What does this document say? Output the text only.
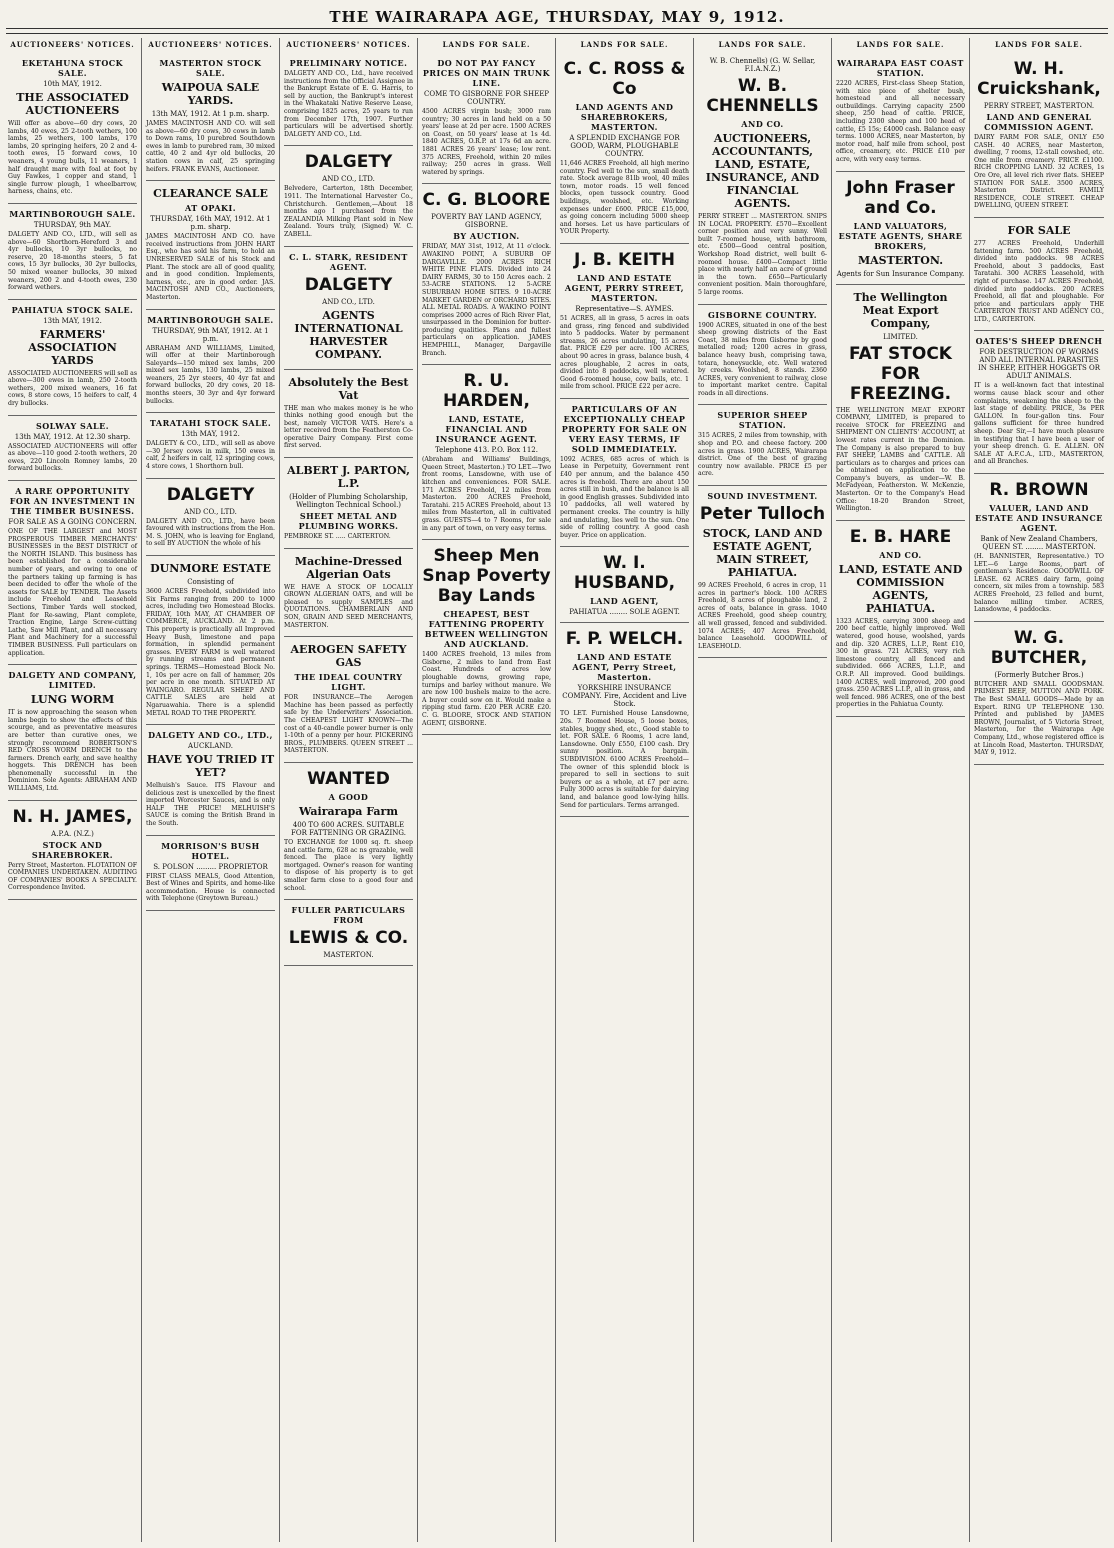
THE WAIRARAPA AGE, THURSDAY, MAY 9, 1912.
AUCTIONEERS' NOTICES.
EKETAHUNA STOCK SALE.
10th MAY, 1912.
THE ASSOCIATED AUCTIONEERS

Will offer as above—60 dry cows, 20 lambs, 40 ewes, 25 2-tooth wethers, 100 lambs, 25 wethers, 100 lambs, 170 lambs, 20 springing heifers, 20 2 and 4-tooth ewes, 15 forward cows, 10 weaners, 4 young bulls, 11 weaners, 1 half draught mare with foal at foot by Guy Fawkes, 1 copper and stand, 1 single furrow plough, 1 wheelbarrow, harness, chains, etc.

MARTINBOROUGH SALE.
THURSDAY, 9th MAY.

DALGETY AND CO., LTD., will sell as above—60 Shorthorn-Hereford 3 and 4yr bullocks, 10 3yr bullocks, no reserve, 20 18-months steers, 5 fat cows, 15 3yr bullocks, 30 2yr bullocks, 50 mixed weaner bullocks, 30 mixed weaners, 200 2 and 4-tooth ewes, 230 forward wethers.

PAHIATUA STOCK SALE.
13th MAY, 1912.
FARMERS' ASSOCIATION YARDS

ASSOCIATED AUCTIONEERS will sell as above—300 ewes in lamb, 250 2-tooth wethers, 200 mixed weaners, 16 fat cows, 8 store cows, 15 heifers to calf, 4 dry bullocks.

SOLWAY SALE.
13th MAY, 1912. At 12.30 sharp.

ASSOCIATED AUCTIONEERS will offer as above—110 good 2-tooth wethers, 20 ewes, 220 Lincoln Romney lambs, 20 forward bullocks.

A RARE OPPORTUNITY FOR AN INVESTMENT IN THE TIMBER BUSINESS.
FOR SALE AS A GOING CONCERN.

ONE OF THE LARGEST and MOST PROSPEROUS TIMBER MERCHANTS' BUSINESSES in the BEST DISTRICT of the NORTH ISLAND. This business has been established for a considerable number of years, and owing to one of the partners taking up farming is has been decided to offer the whole of the assets for SALE by TENDER. The Assets include Freehold and Leasehold Sections, Timber Yards well stocked, Plant for Re-sawing, Plant complete, Traction Engine, Large Screw-cutting Lathe, Saw Mill Plant, and all necessary Plant and Machinery for a successful TIMBER BUSINESS. Full particulars on application.

DALGETY AND COMPANY, LIMITED.
LUNG WORM

IT is now approaching the season when lambs begin to show the effects of this scourge, and as preventative measures are better than curative ones, we strongly recommend ROBERTSON'S RED CROSS WORM DRENCH to the farmers. Drench early, and save healthy hoggets. This DRENCH has been phenomenally successful in the Dominion. Sole Agents: ABRAHAM AND WILLIAMS, Ltd.

N. H. JAMES,
A.P.A. (N.Z.)
STOCK AND SHAREBROKER.

Perry Street, Masterton. FLOTATION OF COMPANIES UNDERTAKEN. AUDITING OF COMPANIES' BOOKS A SPECIALTY. Correspondence Invited.

AUCTIONEERS' NOTICES.
MASTERTON STOCK SALE.
WAIPOUA SALE YARDS.
13th MAY, 1912. At 1 p.m. sharp.

JAMES MACINTOSH AND CO. will sell as above—60 dry cows, 30 cows in lamb to Down rams, 10 purebred Southdown ewes in lamb to purebred ram, 30 mixed cattle, 40 2 and 4yr old bullocks, 20 station cows in calf, 25 springing heifers. FRANK EVANS, Auctioneer.

CLEARANCE SALE
AT OPAKI.
THURSDAY, 16th MAY, 1912. At 1 p.m. sharp.

JAMES MACINTOSH AND CO. have received instructions from JOHN HART Esq., who has sold his farm, to hold an UNRESERVED SALE of his Stock and Plant. The stock are all of good quality, and in good condition. Implements, harness, etc., are in good order. JAS. MACINTOSH AND CO., Auctioneers, Masterton.

MARTINBOROUGH SALE.
THURSDAY, 9th MAY, 1912. At 1 p.m.

ABRAHAM AND WILLIAMS, Limited, will offer at their Martinborough Saleyards—150 mixed sex lambs, 200 mixed sex lambs, 130 lambs, 25 mixed weaners, 25 2yr steers, 40 4yr fat and forward bullocks, 20 dry cows, 20 18-months steers, 30 3yr and 4yr forward bullocks.

TARATAHI STOCK SALE.
13th MAY, 1912.

DALGETY & CO., LTD., will sell as above—30 Jersey cows in milk, 150 ewes in calf, 2 heifers in calf, 12 springing cows, 4 store cows, 1 Shorthorn bull.

DALGETY
AND CO., LTD.

DALGETY AND CO., LTD., have been favoured with instructions from the Hon. M. S. JOHN, who is leaving for England, to sell BY AUCTION the whole of his

DUNMORE ESTATE
Consisting of

3600 ACRES Freehold, subdivided into Six Farms ranging from 200 to 1000 acres, including two Homestead Blocks. FRIDAY, 10th MAY, AT CHAMBER OF COMMERCE, AUCKLAND. At 2 p.m. This property is practically all Improved Heavy Bush, limestone and papa formation, in splendid permanent grasses. EVERY FARM is well watered by running streams and permanent springs. TERMS—Homestead Block No. 1, 10s per acre on fall of hammer, 20s per acre in one month. SITUATED AT WAINGARO. REGULAR SHEEP AND CATTLE SALES are held at Ngaruawahia. There is a splendid METAL ROAD TO THE PROPERTY.

DALGETY AND CO., LTD.,
AUCKLAND.
HAVE YOU TRIED IT YET?

Melhuish's Sauce. ITS Flavour and delicious zest is unexcelled by the finest imported Worcester Sauces, and is only HALF THE PRICE! MELHUISH'S SAUCE is coming the British Brand in the South.

MORRISON'S BUSH HOTEL.
S. POLSON ......... PROPRIETOR

FIRST CLASS MEALS, Good Attention, Best of Wines and Spirits, and home-like accommodation. House is connected with Telephone (Greytown Bureau.)

AUCTIONEERS' NOTICES.
PRELIMINARY NOTICE.

DALGETY AND CO., Ltd., have received instructions from the Official Assignee in the Bankrupt Estate of E. G. Harris, to sell by auction, the Bankrupt's interest in the Whakataki Native Reserve Lease, comprising 1825 acres, 25 years to run from December 17th, 1907. Further particulars will be advertised shortly. DALGETY AND CO., Ltd.

DALGETY
AND CO., LTD.

Belvedere, Carterton, 18th December, 1911. The International Harvester Co., Christchurch. Gentlemen,—About 18 months ago I purchased from the ZEALANDIA Milking Plant sold in New Zealand. Yours truly, (Signed) W. C. ZABELL.

C. L. STARK, RESIDENT AGENT.
DALGETY
AND CO., LTD.
AGENTS INTERNATIONAL HARVESTER COMPANY.
Absolutely the Best Vat

THE man who makes money is he who thinks nothing good enough but the best, namely VICTOR VATS. Here's a letter received from the Featherston Co-operative Dairy Company. First come first served.

ALBERT J. PARTON, L.P.
(Holder of Plumbing Scholarship, Wellington Technical School.)
SHEET METAL AND PLUMBING WORKS.

PEMBROKE ST. ..... CARTERTON.

Machine-Dressed Algerian Oats

WE HAVE A STOCK OF LOCALLY GROWN ALGERIAN OATS, and will be pleased to supply SAMPLES and QUOTATIONS. CHAMBERLAIN AND SON, GRAIN AND SEED MERCHANTS, MASTERTON.

AEROGEN SAFETY GAS
THE IDEAL COUNTRY LIGHT.

FOR INSURANCE—The Aerogen Machine has been passed as perfectly safe by the Underwriters' Association. The CHEAPEST LIGHT KNOWN—The cost of a 40-candle power burner is only 1-10th of a penny per hour. PICKERING BROS., PLUMBERS. QUEEN STREET ... MASTERTON.

WANTED
A GOOD
Wairarapa Farm
400 TO 600 ACRES. SUITABLE FOR FATTENING OR GRAZING.

TO EXCHANGE for 1000 sq. ft. sheep and cattle farm, 628 ac ns grazable, well fenced. The place is very lightly mortgaged. Owner's reason for wanting to dispose of his property is to get smaller farm close to a good four and school.

FULLER PARTICULARS FROM
LEWIS & CO.
MASTERTON.
LANDS FOR SALE.
DO NOT PAY FANCY PRICES ON MAIN TRUNK LINE.
COME TO GISBORNE FOR SHEEP COUNTRY.

4500 ACRES virgin bush; 3000 ram country; 30 acres in land held on a 50 years' lease at 2d per acre. 1500 ACRES on Coast, on 50 years' lease at 1s 4d. 1840 ACRES, O.R.P. at 17s 6d an acre. 1881 ACRES 26 years' lease; low rent. 375 ACRES, Freehold, within 20 miles railway; 250 acres in grass. Well watered by springs.

C. G. BLOORE
POVERTY BAY LAND AGENCY, GISBORNE.
BY AUCTION.

FRIDAY, MAY 31st, 1912, At 11 o'clock. AWAKINO POINT, A SUBURB OF DARGAVILLE. 2000 ACRES RICH WHITE PINE FLATS. Divided into 24 DAIRY FARMS, 30 to 150 Acres each. 2 53-ACRE STATIONS. 12 5-ACRE SUBURBAN HOME SITES. 9 10-ACRE MARKET GARDEN or ORCHARD SITES. ALL METAL ROADS. A WAKINO POINT comprises 2000 acres of Rich River Flat, unsurpassed in the Dominion for butter-producing qualities. Plans and fullest particulars on application. JAMES HEMPHILL, Manager, Dargaville Branch.

R. U. HARDEN,
LAND, ESTATE, FINANCIAL AND INSURANCE AGENT.
Telephone 413. P.O. Box 112.

(Abraham and Williams' Buildings, Queen Street, Masterton.) TO LET.—Two front rooms, Lansdowne, with use of kitchen and conveniences. FOR SALE. 171 ACRES Freehold, 12 miles from Masterton. 200 ACRES Freehold, Taratahi. 215 ACRES Freehold, about 13 miles from Masterton, all in cultivated grass. GUESTS—4 to 7 Rooms, for sale in any part of town, on very easy terms.

Sheep Men Snap Poverty Bay Lands
CHEAPEST, BEST FATTENING PROPERTY BETWEEN WELLINGTON AND AUCKLAND.

1400 ACRES freehold, 13 miles from Gisborne, 2 miles to land from East Coast. Hundreds of acres low ploughable downs, growing rape, turnips and barley without manure. We are now 100 bushels maize to the acre. A buyer could sow on it. Would make a ripping stud farm. £20 PER ACRE £20. C. G. BLOORE, STOCK AND STATION AGENT, GISBORNE.

LANDS FOR SALE.
C. C. ROSS & Co
LAND AGENTS AND SHAREBROKERS, MASTERTON.
A SPLENDID EXCHANGE FOR GOOD, WARM, PLOUGHABLE COUNTRY.

11,646 ACRES Freehold, all high merino country. Fed well to the sun, small death rate. Stock average 81lb wool, 40 miles town, motor roads. 15 well fenced blocks, open tussock country. Good buildings, woolshed, etc. Working expenses under £600. PRICE £15,000, as going concern including 5000 sheep and horses. Let us have particulars of YOUR Property.

J. B. KEITH
LAND AND ESTATE AGENT, PERRY STREET, MASTERTON.
Representative—S. AYMES.

51 ACRES, all in grass, 5 acres in oats and grass, ring fenced and subdivided into 5 paddocks. Water by permanent streams, 26 acres undulating, 15 acres flat. PRICE £29 per acre. 100 ACRES, about 90 acres in grass, balance bush, 4 acres ploughable, 2 acres in oats, divided into 8 paddocks, well watered. Good 6-roomed house, cow bails, etc. 1 mile from school. PRICE £22 per acre.

PARTICULARS OF AN EXCEPTIONALLY CHEAP PROPERTY FOR SALE ON VERY EASY TERMS, IF SOLD IMMEDIATELY.

1092 ACRES, 685 acres of which is Lease in Perpetuity, Government rent £40 per annum, and the balance 450 acres is freehold. There are about 150 acres still in bush, and the balance is all in good English grasses. Subdivided into 10 paddocks, all well watered by permanent creeks. The country is hilly and undulating, lies well to the sun. One side of rolling country. A good cash buyer. Price on application.

W. I. HUSBAND,
LAND AGENT,
PAHIATUA ........ SOLE AGENT.
F. P. WELCH.
LAND AND ESTATE AGENT, Perry Street, Masterton.
YORKSHIRE INSURANCE COMPANY. Fire, Accident and Live Stock.

TO LET. Furnished House Lansdowne, 20s. 7 Roomed House, 5 loose boxes, stables, buggy shed, etc., Good stable to let. FOR SALE. 6 Rooms, 1 acre land, Lansdowne. Only £550, £100 cash. Dry sunny position. A bargain. SUBDIVISION. 6100 ACRES Freehold—The owner of this splendid block is prepared to sell in sections to suit buyers or as a whole, at £7 per acre. Fully 3000 acres is suitable for dairying land, and balance good low-lying hills. Send for particulars. Terms arranged.

LANDS FOR SALE.
W. B. Chennells) (G. W. Sellar, F.I.A.N.Z.)
W. B. CHENNELLS
AND CO.
AUCTIONEERS, ACCOUNTANTS, LAND, ESTATE, INSURANCE, AND FINANCIAL AGENTS.

PERRY STREET ... MASTERTON. SNIPS IN LOCAL PROPERTY. £570—Excellent corner position and very sunny. Well built 7-roomed house, with bathroom, etc. £500—Good central position, Workshop Road district, well built 6-roomed house. £400—Compact little place with nearly half an acre of ground in the town. £650—Particularly convenient position. Main thoroughfare, 5 large rooms.

GISBORNE COUNTRY.

1900 ACRES, situated in one of the best sheep growing districts of the East Coast, 38 miles from Gisborne by good metalled road; 1200 acres in grass, balance heavy bush, comprising tawa, totara, honeysuckle, etc. Well watered by creeks. Woolshed, 8 stands. 2360 ACRES, very convenient to railway, close to important market centre. Capital roads in all directions.

SUPERIOR SHEEP STATION.

315 ACRES, 2 miles from township, with shop and P.O. and cheese factory. 200 acres in grass. 1900 ACRES, Wairarapa district. One of the best of grazing country now available. PRICE £5 per acre.

SOUND INVESTMENT.
Peter Tulloch
STOCK, LAND AND ESTATE AGENT, MAIN STREET, PAHIATUA.

99 ACRES Freehold, 6 acres in crop, 11 acres in partner's block. 100 ACRES Freehold, 8 acres of ploughable land, 2 acres of oats, balance in grass. 1040 ACRES Freehold, good sheep country, all well grassed, fenced and subdivided. 1074 ACRES; 407 Acres Freehold, balance Leasehold. GOODWILL of LEASEHOLD.

LANDS FOR SALE.
WAIRARAPA EAST COAST STATION.

2220 ACRES, First-class Sheep Station, with nice piece of shelter bush, homestead and all necessary outbuildings. Carrying capacity 2500 sheep, 250 head of cattle. PRICE, including 2300 sheep and 100 head of cattle, £5 15s; £4000 cash. Balance easy terms. 1000 ACRES, near Masterton, by motor road, half mile from school, post office, creamery, etc. PRICE £10 per acre, with very easy terms.

John Fraser and Co.
LAND VALUATORS, ESTATE AGENTS, SHARE BROKERS,
MASTERTON.
Agents for Sun Insurance Company.
The Wellington Meat Export Company,
LIMITED.
FAT STOCK FOR FREEZING.

THE WELLINGTON MEAT EXPORT COMPANY, LIMITED, is prepared to receive STOCK for FREEZING and SHIPMENT ON CLIENTS' ACCOUNT, at lowest rates current in the Dominion. The Company is also prepared to buy FAT SHEEP, LAMBS and CATTLE. All particulars as to charges and prices can be obtained on application to the Company's buyers, as under—W. B. McFadyean, Featherston. W. McKenzie, Masterton. Or to the Company's Head Office: 18-20 Brandon Street, Wellington.

E. B. HARE
AND CO.
LAND, ESTATE AND COMMISSION AGENTS, PAHIATUA.

1323 ACRES, carrying 3000 sheep and 200 beef cattle, highly improved. Well watered, good house, woolshed, yards and dip. 320 ACRES, L.I.P., Rent £10, 300 in grass. 721 ACRES, very rich limestone country, all fenced and subdivided. 666 ACRES, L.I.P., and O.R.P. All improved. Good buildings. 1400 ACRES, well improved, 200 good grass. 250 ACRES L.I.P., all in grass, and well fenced. 986 ACRES, one of the best properties in the Pahiatua County.

LANDS FOR SALE.
W. H. Cruickshank,
PERRY STREET, MASTERTON.
LAND AND GENERAL COMMISSION AGENT.

DAIRY FARM FOR SALE, ONLY £50 CASH. 40 ACRES, near Masterton, dwelling, 7 rooms, 12-stall cowshed, etc. One mile from creamery. PRICE £1100. RICH CROPPING LAND. 32 ACRES, 1s Ore Ore, all level rich river flats. SHEEP STATION FOR SALE. 3500 ACRES, Masterton District. FAMILY RESIDENCE, COLE STREET. CHEAP DWELLING, QUEEN STREET.

FOR SALE

277 ACRES Freehold, Underhill fattening farm. 500 ACRES Freehold, divided into paddocks. 98 ACRES Freehold, about 3 paddocks, East Taratahi. 300 ACRES Leasehold, with right of purchase. 147 ACRES Freehold, divided into paddocks. 200 ACRES Freehold, all flat and ploughable. For price and particulars apply THE CARTERTON TRUST AND AGENCY CO., LTD., CARTERTON.

OATES'S SHEEP DRENCH
FOR DESTRUCTION OF WORMS AND ALL INTERNAL PARASITES IN SHEEP, EITHER HOGGETS OR ADULT ANIMALS.

IT is a well-known fact that intestinal worms cause black scour and other complaints, weakening the sheep to the last stage of debility. PRICE, 3s PER GALLON. In four-gallon tins. Four gallons sufficient for three hundred sheep. Dear Sir,—I have much pleasure in testifying that I have been a user of your sheep drench. G. E. ALLEN. ON SALE AT A.F.C.A., LTD., MASTERTON, and all Branches.

R. BROWN
VALUER, LAND AND ESTATE AND INSURANCE AGENT.
Bank of New Zealand Chambers, QUEEN ST. ........ MASTERTON.

(H. BANNISTER, Representative.) TO LET.—6 Large Rooms, part of gentleman's Residence. GOODWILL OF LEASE. 62 ACRES dairy farm, going concern, six miles from a township. 583 ACRES Freehold, 23 felled and burnt, balance milling timber. ACRES, Lansdowne, 4 paddocks.

W. G. BUTCHER,
(Formerly Butcher Bros.)

BUTCHER AND SMALL GOODSMAN. PRIMEST BEEF, MUTTON AND PORK. The Best SMALL GOODS—Made by an Expert. RING UP TELEPHONE 130. Printed and published by JAMES BROWN, Journalist, of 5 Victoria Street, Masterton, for the Wairarapa Age Company, Ltd., whose registered office is at Lincoln Road, Masterton. THURSDAY, MAY 9, 1912.
